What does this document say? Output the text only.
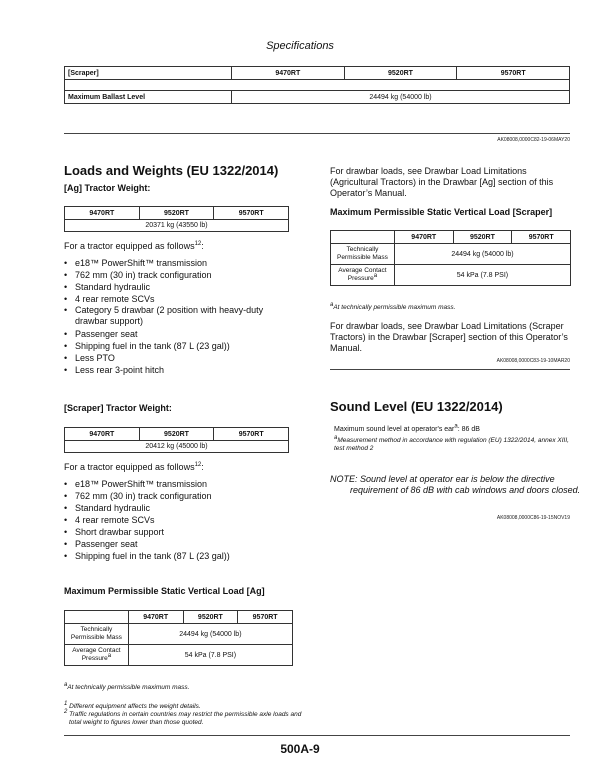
Specifications
[Scraper]	9470RT	9520RT	9570RT

Maximum Ballast Level	24494 kg (54000 lb)		
AK08008,0000C82-19-06MAY20
Loads and Weights (EU 1322/2014)
[Ag] Tractor Weight:
9470RT	9520RT	9570RT
20371 kg (43550 lb)
For a tractor equipped as follows$^{12}$:
• e18™ PowerShift™ transmission
• 762 mm (30 in) track configuration
• Standard hydraulic
• 4 rear remote SCVs
• Category 5 drawbar (2 position with heavy-duty drawbar support)
• Passenger seat
• Shipping fuel in the tank (87 L (23 gal))
• Less PTO
• Less rear 3-point hitch
[Scraper] Tractor Weight:
9470RT	9520RT	9570RT
20412 kg (45000 lb)
For a tractor equipped as follows$^{12}$:
• e18™ PowerShift™ transmission
• 762 mm (30 in) track configuration
• Standard hydraulic
• 4 rear remote SCVs
• Short drawbar support
• Passenger seat
• Shipping fuel in the tank (87 L (23 gal))
Maximum Permissible Static Vertical Load [Ag]
	9470RT	9520RT	9570RT
Technically Permissible Mass	24494 kg (54000 lb)		
Average Contact Pressure$^a$	54 kPa (7.8 PSI)		
$^a$At technically permissible maximum mass.
$^1$ Different equipment affects the weight details.
$^2$ Traffic regulations in certain countries may restrict the permissible axle loads and total weight to figures lower than those quoted.
For drawbar loads, see Drawbar Load Limitations (Agricultural Tractors) in the Drawbar [Ag] section of this Operator’s Manual.
Maximum Permissible Static Vertical Load [Scraper]
	9470RT	9520RT	9570RT
Technically Permissible Mass	24494 kg (54000 lb)		
Average Contact Pressure$^a$	54 kPa (7.8 PSI)		
$^a$At technically permissible maximum mass.
For drawbar loads, see Drawbar Load Limitations (Scraper Tractors) in the Drawbar [Scraper] section of this Operator’s Manual.
AK08008,0000C83-19-10MAR20
Sound Level (EU 1322/2014)
Maximum sound level at operator's ear$^a$: 86 dB
$^a$Measurement method in accordance with regulation (EU) 1322/2014, annex XIII, test method 2
NOTE: Sound level at operator ear is below the directive requirement of 86 dB with cab windows and doors closed.
AK08008,0000C86-19-15NOV19
500A-9
